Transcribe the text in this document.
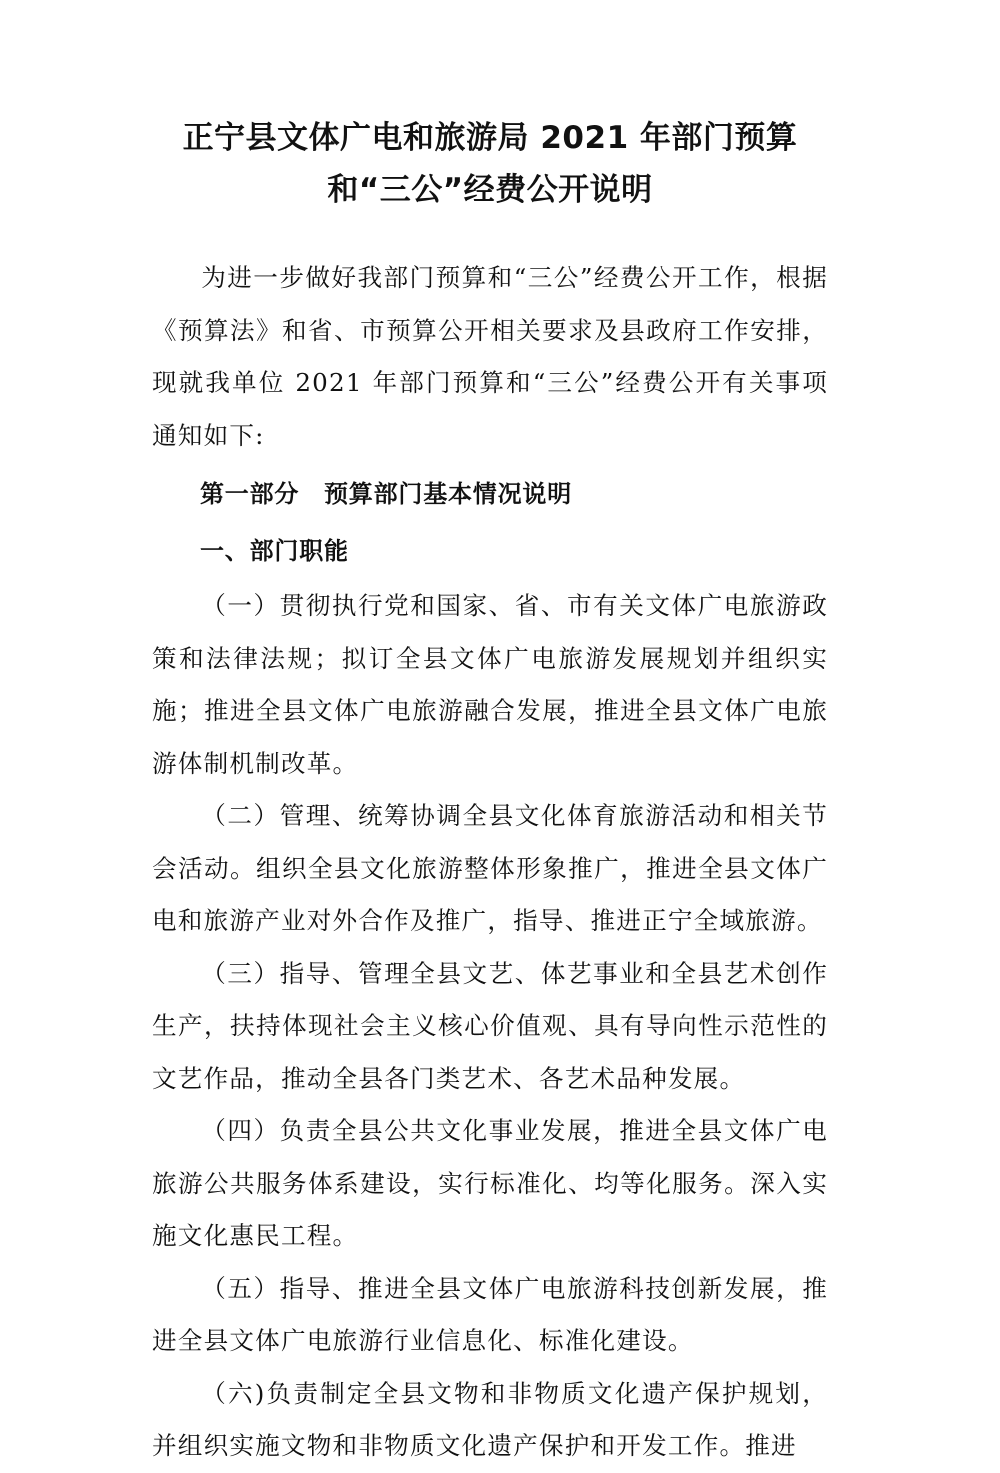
正宁县文体广电和旅游局 2021 年部门预算和“三公”经费公开说明

为进一步做好我部门预算和“三公”经费公开工作，根据《预算法》和省、市预算公开相关要求及县政府工作安排，现就我单位 2021 年部门预算和“三公”经费公开有关事项通知如下:

第一部分　预算部门基本情况说明

一、部门职能

（一）贯彻执行党和国家、省、市有关文体广电旅游政策和法律法规；拟订全县文体广电旅游发展规划并组织实施；推进全县文体广电旅游融合发展，推进全县文体广电旅游体制机制改革。

（二）管理、统筹协调全县文化体育旅游活动和相关节会活动。组织全县文化旅游整体形象推广，推进全县文体广电和旅游产业对外合作及推广，指导、推进正宁全域旅游。

（三）指导、管理全县文艺、体艺事业和全县艺术创作生产，扶持体现社会主义核心价值观、具有导向性示范性的文艺作品，推动全县各门类艺术、各艺术品种发展。

（四）负责全县公共文化事业发展，推进全县文体广电旅游公共服务体系建设，实行标准化、均等化服务。深入实施文化惠民工程。

（五）指导、推进全县文体广电旅游科技创新发展，推进全县文体广电旅游行业信息化、标准化建设。

（六)负责制定全县文物和非物质文化遗产保护规划，并组织实施文物和非物质文化遗产保护和开发工作。推进
